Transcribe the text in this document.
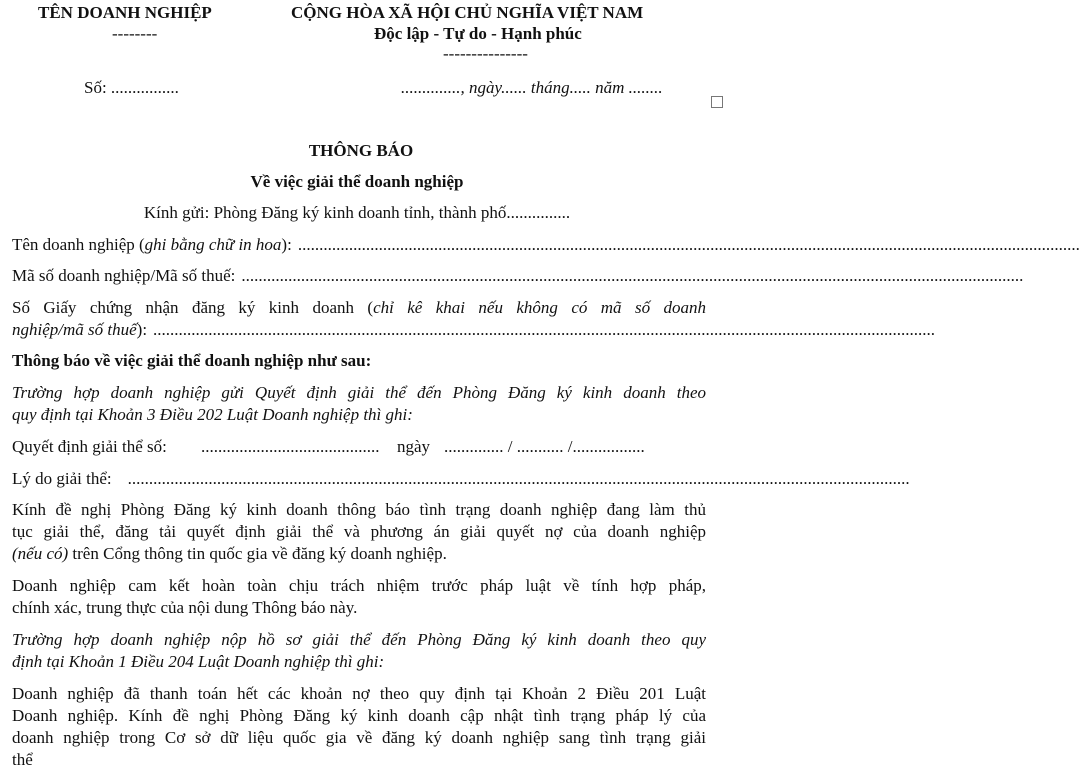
TÊN DOANH NGHIỆP
--------
CỘNG HÒA XÃ HỘI CHỦ NGHĨA VIỆT NAM
Độc lập - Tự do - Hạnh phúc
---------------
Số: ................	.............., ngày...... tháng..... năm ........
THÔNG BÁO
Về việc giải thể doanh nghiệp
Kính gửi: Phòng Đăng ký kinh doanh tỉnh, thành phố...............
Tên doanh nghiệp (ghi bằng chữ in hoa): ........................................................................................................................................................................................
Mã số doanh nghiệp/Mã số thuế: ........................................................................................................................................................................................
Số Giấy chứng nhận đăng ký kinh doanh (chỉ kê khai nếu không có mã số doanh
nghiệp/mã số thuế): ........................................................................................................................................................................................
Thông báo về việc giải thể doanh nghiệp như sau:
Trường hợp doanh nghiệp gửi Quyết định giải thể đến Phòng Đăng ký kinh doanh theo
quy định tại Khoản 3 Điều 202 Luật Doanh nghiệp thì ghi:
Quyết định giải thể số: .......................................... ngày .............. / ........... /.................
Lý do giải thể: ........................................................................................................................................................................................
Kính đề nghị Phòng Đăng ký kinh doanh thông báo tình trạng doanh nghiệp đang làm thủ
tục giải thể, đăng tải quyết định giải thể và phương án giải quyết nợ của doanh nghiệp
(nếu có) trên Cổng thông tin quốc gia về đăng ký doanh nghiệp.
Doanh nghiệp cam kết hoàn toàn chịu trách nhiệm trước pháp luật về tính hợp pháp,
chính xác, trung thực của nội dung Thông báo này.
Trường hợp doanh nghiệp nộp hồ sơ giải thể đến Phòng Đăng ký kinh doanh theo quy
định tại Khoản 1 Điều 204 Luật Doanh nghiệp thì ghi:
Doanh nghiệp đã thanh toán hết các khoản nợ theo quy định tại Khoản 2 Điều 201 Luật
Doanh nghiệp. Kính đề nghị Phòng Đăng ký kinh doanh cập nhật tình trạng pháp lý của
doanh nghiệp trong Cơ sở dữ liệu quốc gia về đăng ký doanh nghiệp sang tình trạng giải
thể
